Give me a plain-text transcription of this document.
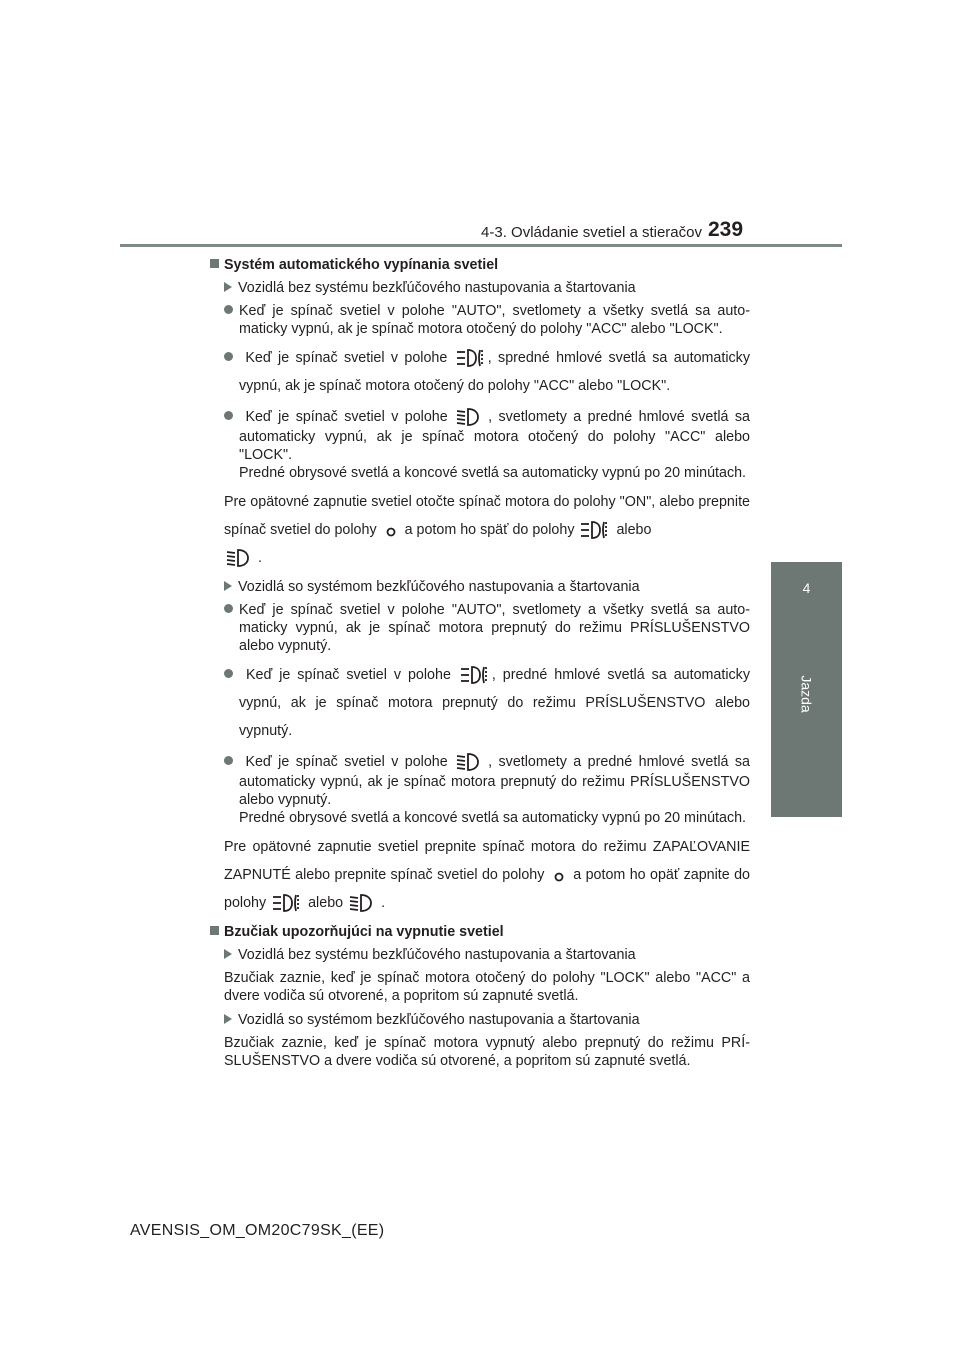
4-3. Ovládanie svetiel a stieračov 239
4
Jazda

Systém automatického vypínania svetiel

Vozidlá bez systému bezkľúčového nastupovania a štartovania

Keď je spínač svetiel v polohe "AUTO", svetlomety a všetky svetlá sa automaticky vypnú, ak je spínač motora otočený do polohy "ACC" alebo "LOCK".

Keď je spínač svetiel v polohe	, spredné hmlové svetlá sa automaticky vypnú, ak je spínač motora otočený do polohy "ACC" alebo "LOCK".

Keď je spínač svetiel v polohe	, svetlomety a predné hmlové svetlá sa automaticky vypnú, ak je spínač motora otočený do polohy "ACC" alebo "LOCK".
Predné obrysové svetlá a koncové svetlá sa automaticky vypnú po 20 minútach.

Pre opätovné zapnutie svetiel otočte spínač motora do polohy "ON", alebo prepnite spínač svetiel do polohy a potom ho späť do polohy	alebo

.

Vozidlá so systémom bezkľúčového nastupovania a štartovania

Keď je spínač svetiel v polohe "AUTO", svetlomety a všetky svetlá sa automaticky vypnú, ak je spínač motora prepnutý do režimu PRÍSLUŠENSTVO alebo vypnutý.

Keď je spínač svetiel v polohe	, predné hmlové svetlá sa automaticky vypnú, ak je spínač motora prepnutý do režimu PRÍSLUŠENSTVO alebo vypnutý.

Keď je spínač svetiel v polohe	, svetlomety a predné hmlové svetlá sa automaticky vypnú, ak je spínač motora prepnutý do režimu PRÍSLUŠENSTVO alebo vypnutý.
Predné obrysové svetlá a koncové svetlá sa automaticky vypnú po 20 minútach.

Pre opätovné zapnutie svetiel prepnite spínač motora do režimu ZAPAĽOVANIE ZAPNUTÉ alebo prepnite spínač svetiel do polohy a potom ho opäť zapnite do polohy	alebo	.

Bzučiak upozorňujúci na vypnutie svetiel

Vozidlá bez systému bezkľúčového nastupovania a štartovania

Bzučiak zaznie, keď je spínač motora otočený do polohy "LOCK" alebo "ACC" a dvere vodiča sú otvorené, a popritom sú zapnuté svetlá.

Vozidlá so systémom bezkľúčového nastupovania a štartovania

Bzučiak zaznie, keď je spínač motora vypnutý alebo prepnutý do režimu PRÍSLUŠENSTVO a dvere vodiča sú otvorené, a popritom sú zapnuté svetlá.

AVENSIS_OM_OM20C79SK_(EE)
